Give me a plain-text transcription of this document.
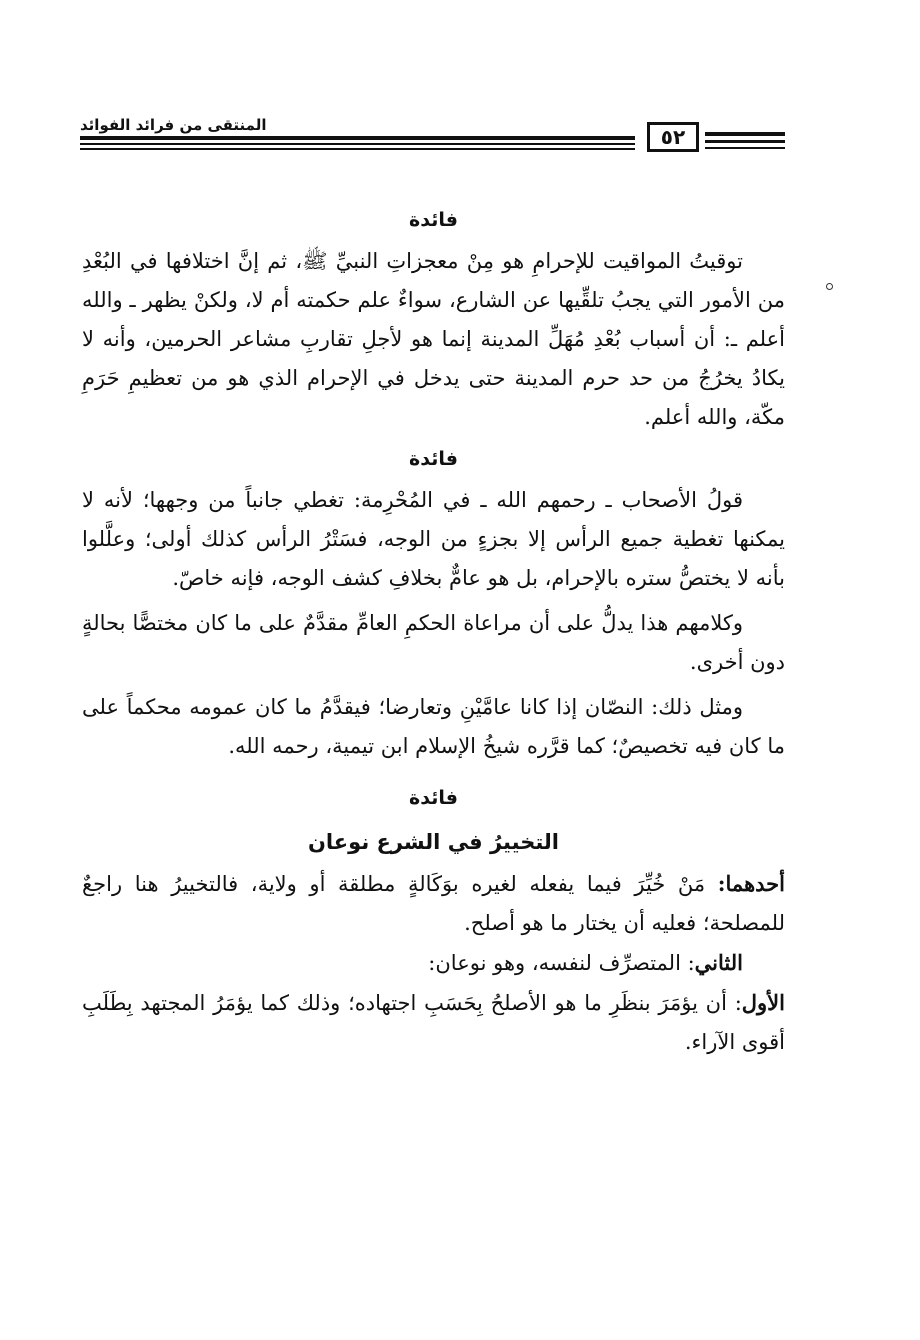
المنتقى من فرائد الفوائد	٥٢

فائدة

توقيتُ المواقيت للإحرامِ هو مِنْ معجزاتِ النبيِّ ﷺ، ثم إنَّ اختلافها في البُعْدِ من الأمور التي يجبُ تلقِّيها عن الشارع، سواءٌ علم حكمته أم لا، ولكنْ يظهر ـ والله أعلم ـ: أن أسباب بُعْدِ مُهَلِّ المدينة إنما هو لأجلِ تقاربِ مشاعر الحرمين، وأنه لا يكادُ يخرُجُ من حد حرم المدينة حتى يدخل في الإحرام الذي هو من تعظيمِ حَرَمِ مكّة، والله أعلم.

فائدة

قولُ الأصحاب ـ رحمهم الله ـ في المُحْرِمة: تغطي جانباً من وجهها؛ لأنه لا يمكنها تغطية جميع الرأس إلا بجزءٍ من الوجه، فسَتْرُ الرأس كذلك أولى؛ وعلَّلوا بأنه لا يختصُّ ستره بالإحرام، بل هو عامٌّ بخلافِ كشف الوجه، فإنه خاصّ.

وكلامهم هذا يدلُّ على أن مراعاة الحكمِ العامِّ مقدَّمٌ على ما كان مختصًّا بحالةٍ دون أخرى.

ومثل ذلك: النصّان إذا كانا عامَّيْنِ وتعارضا؛ فيقدَّمُ ما كان عمومه محكماً على ما كان فيه تخصيصٌ؛ كما قرَّره شيخُ الإسلام ابن تيمية، رحمه الله.

فائدة

التخييرُ في الشرع نوعان

أحدهما: مَنْ خُيِّرَ فيما يفعله لغيره بوَكَالةٍ مطلقة أو ولاية، فالتخييرُ هنا راجعٌ للمصلحة؛ فعليه أن يختار ما هو أصلح.

الثاني: المتصرِّف لنفسه، وهو نوعان:

الأول: أن يؤمَرَ بنظَرِ ما هو الأصلحُ بِحَسَبِ اجتهاده؛ وذلك كما يؤمَرُ المجتهد بِطَلَبِ أقوى الآراء.
